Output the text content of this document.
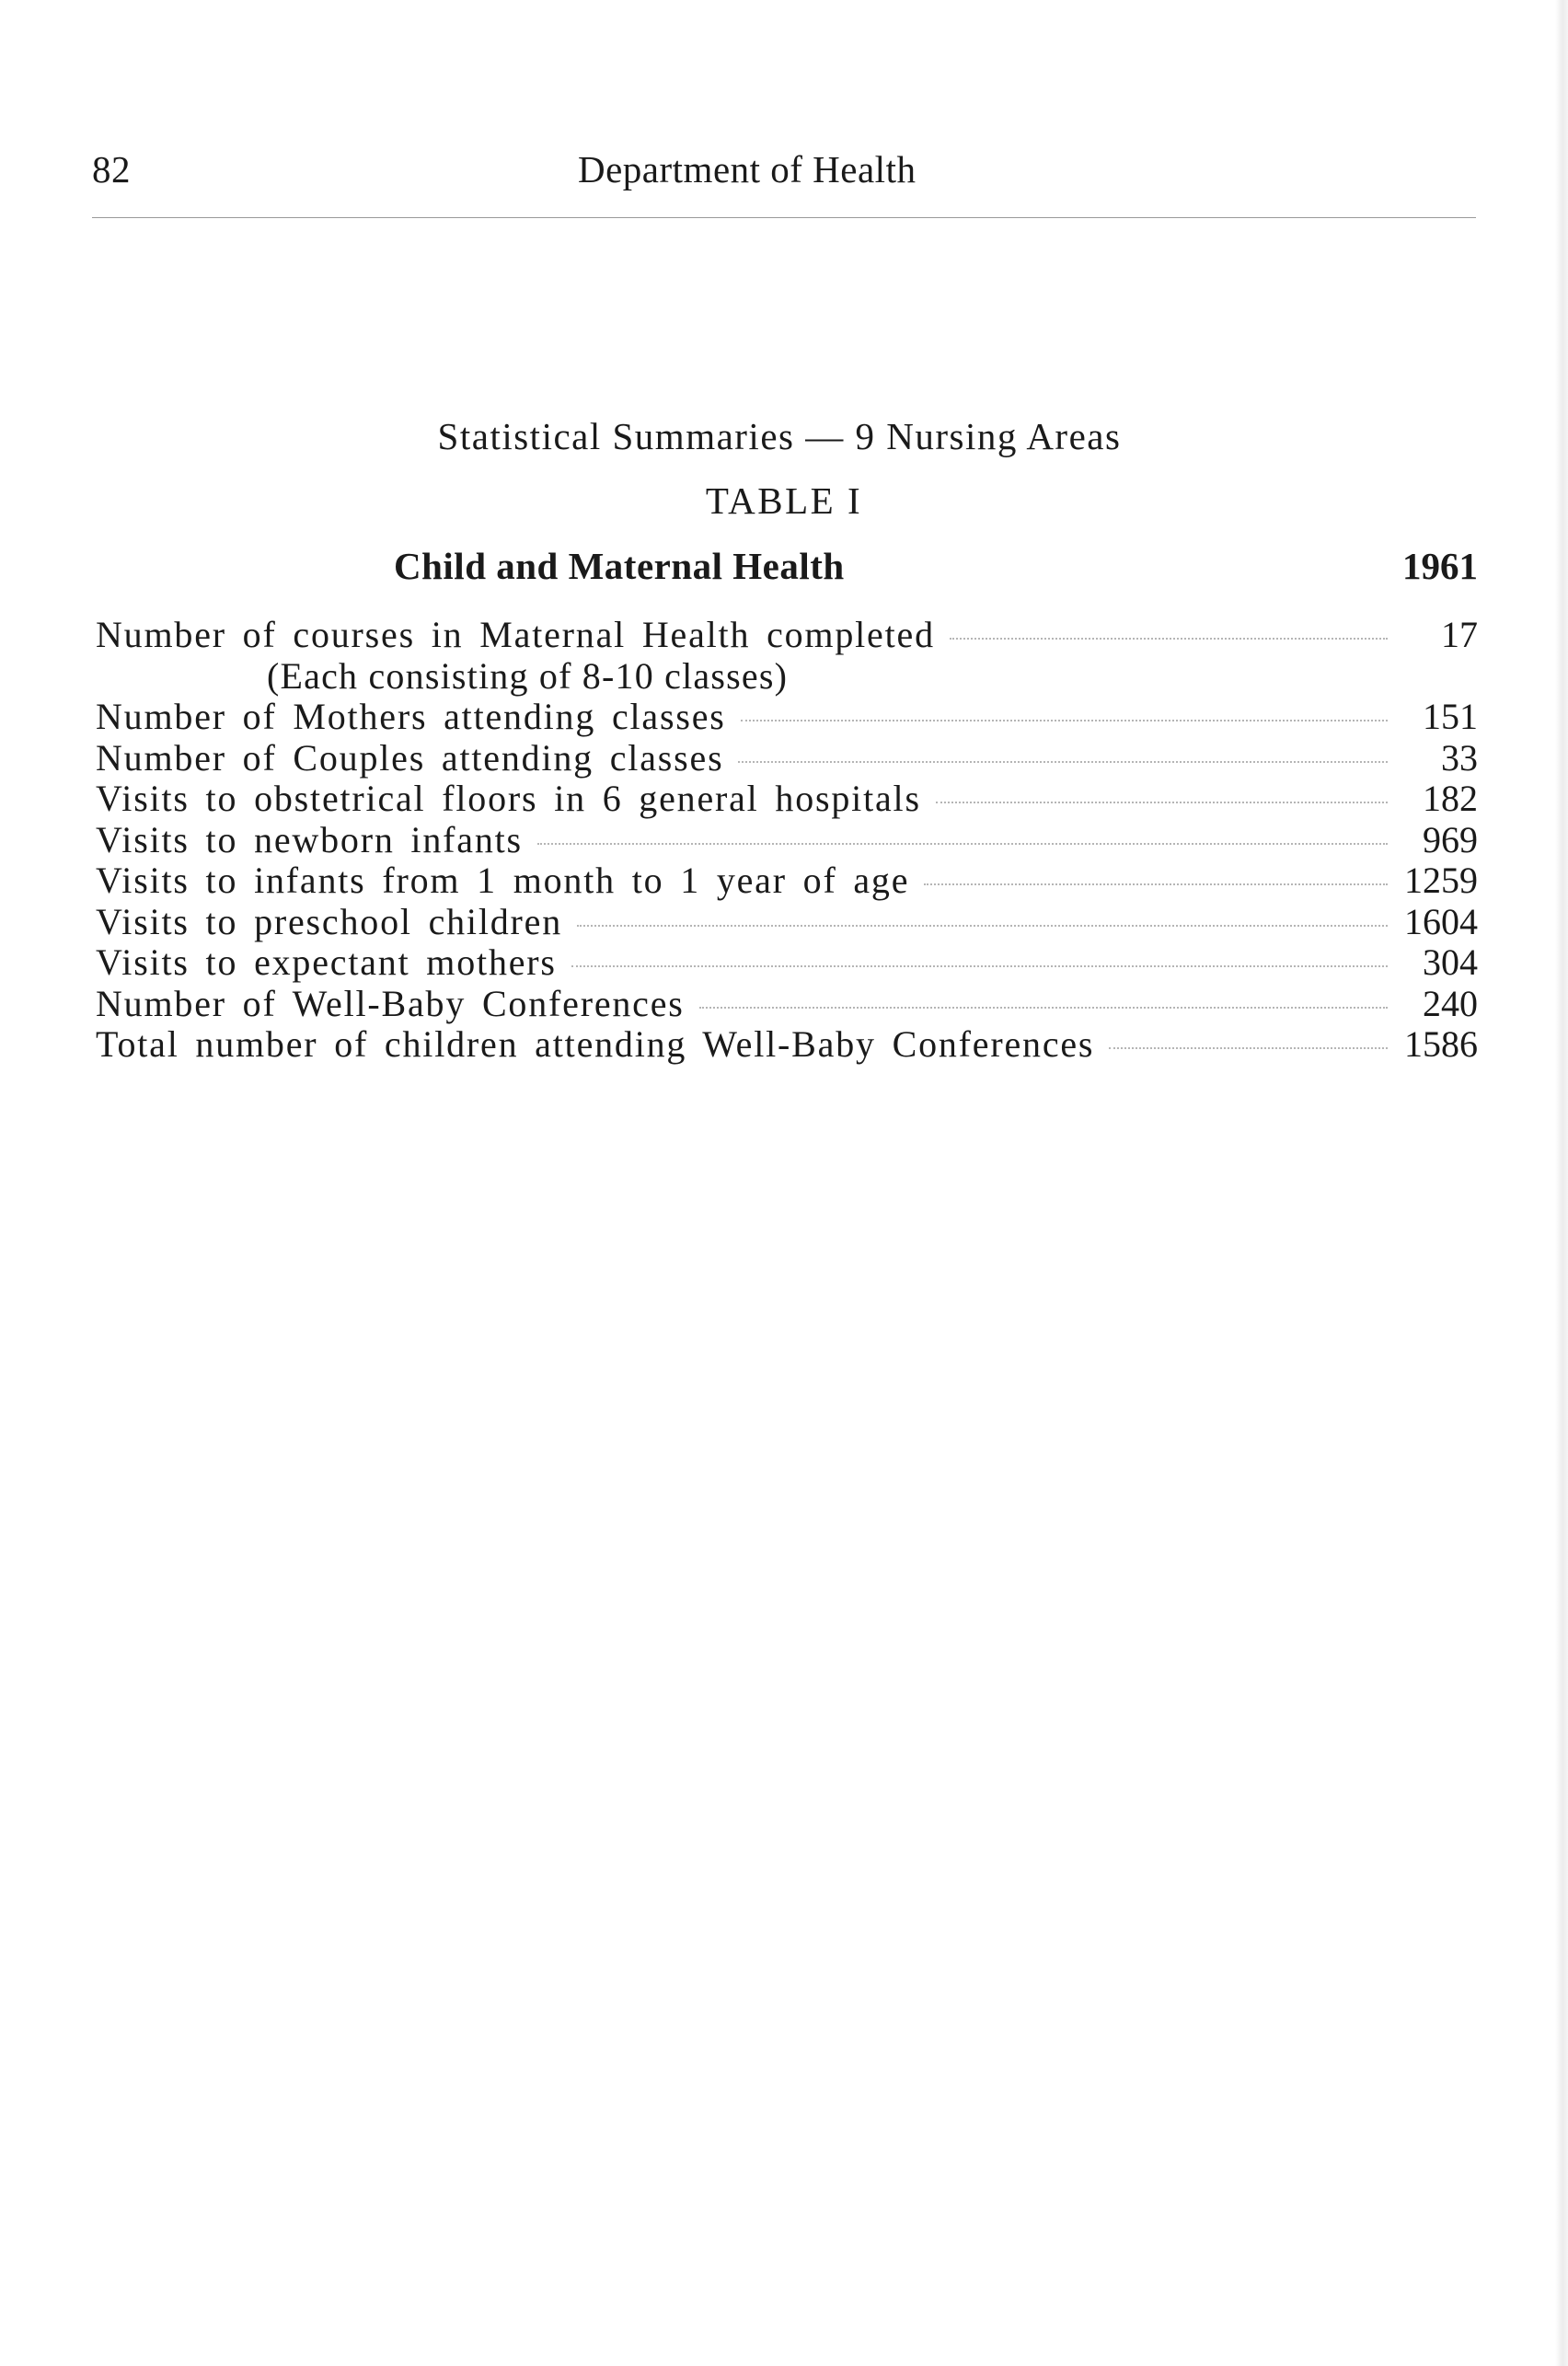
82	Department of Health
Statistical Summaries — 9 Nursing Areas
TABLE I
Child and Maternal Health	1961
Number of courses in Maternal Health completed	17
(Each consisting of 8-10 classes)
Number of Mothers attending classes	151
Number of Couples attending classes	33
Visits to obstetrical floors in 6 general hospitals	182
Visits to newborn infants	969
Visits to infants from 1 month to 1 year of age	1259
Visits to preschool children	1604
Visits to expectant mothers	304
Number of Well-Baby Conferences	240
Total number of children attending Well-Baby Conferences	1586
